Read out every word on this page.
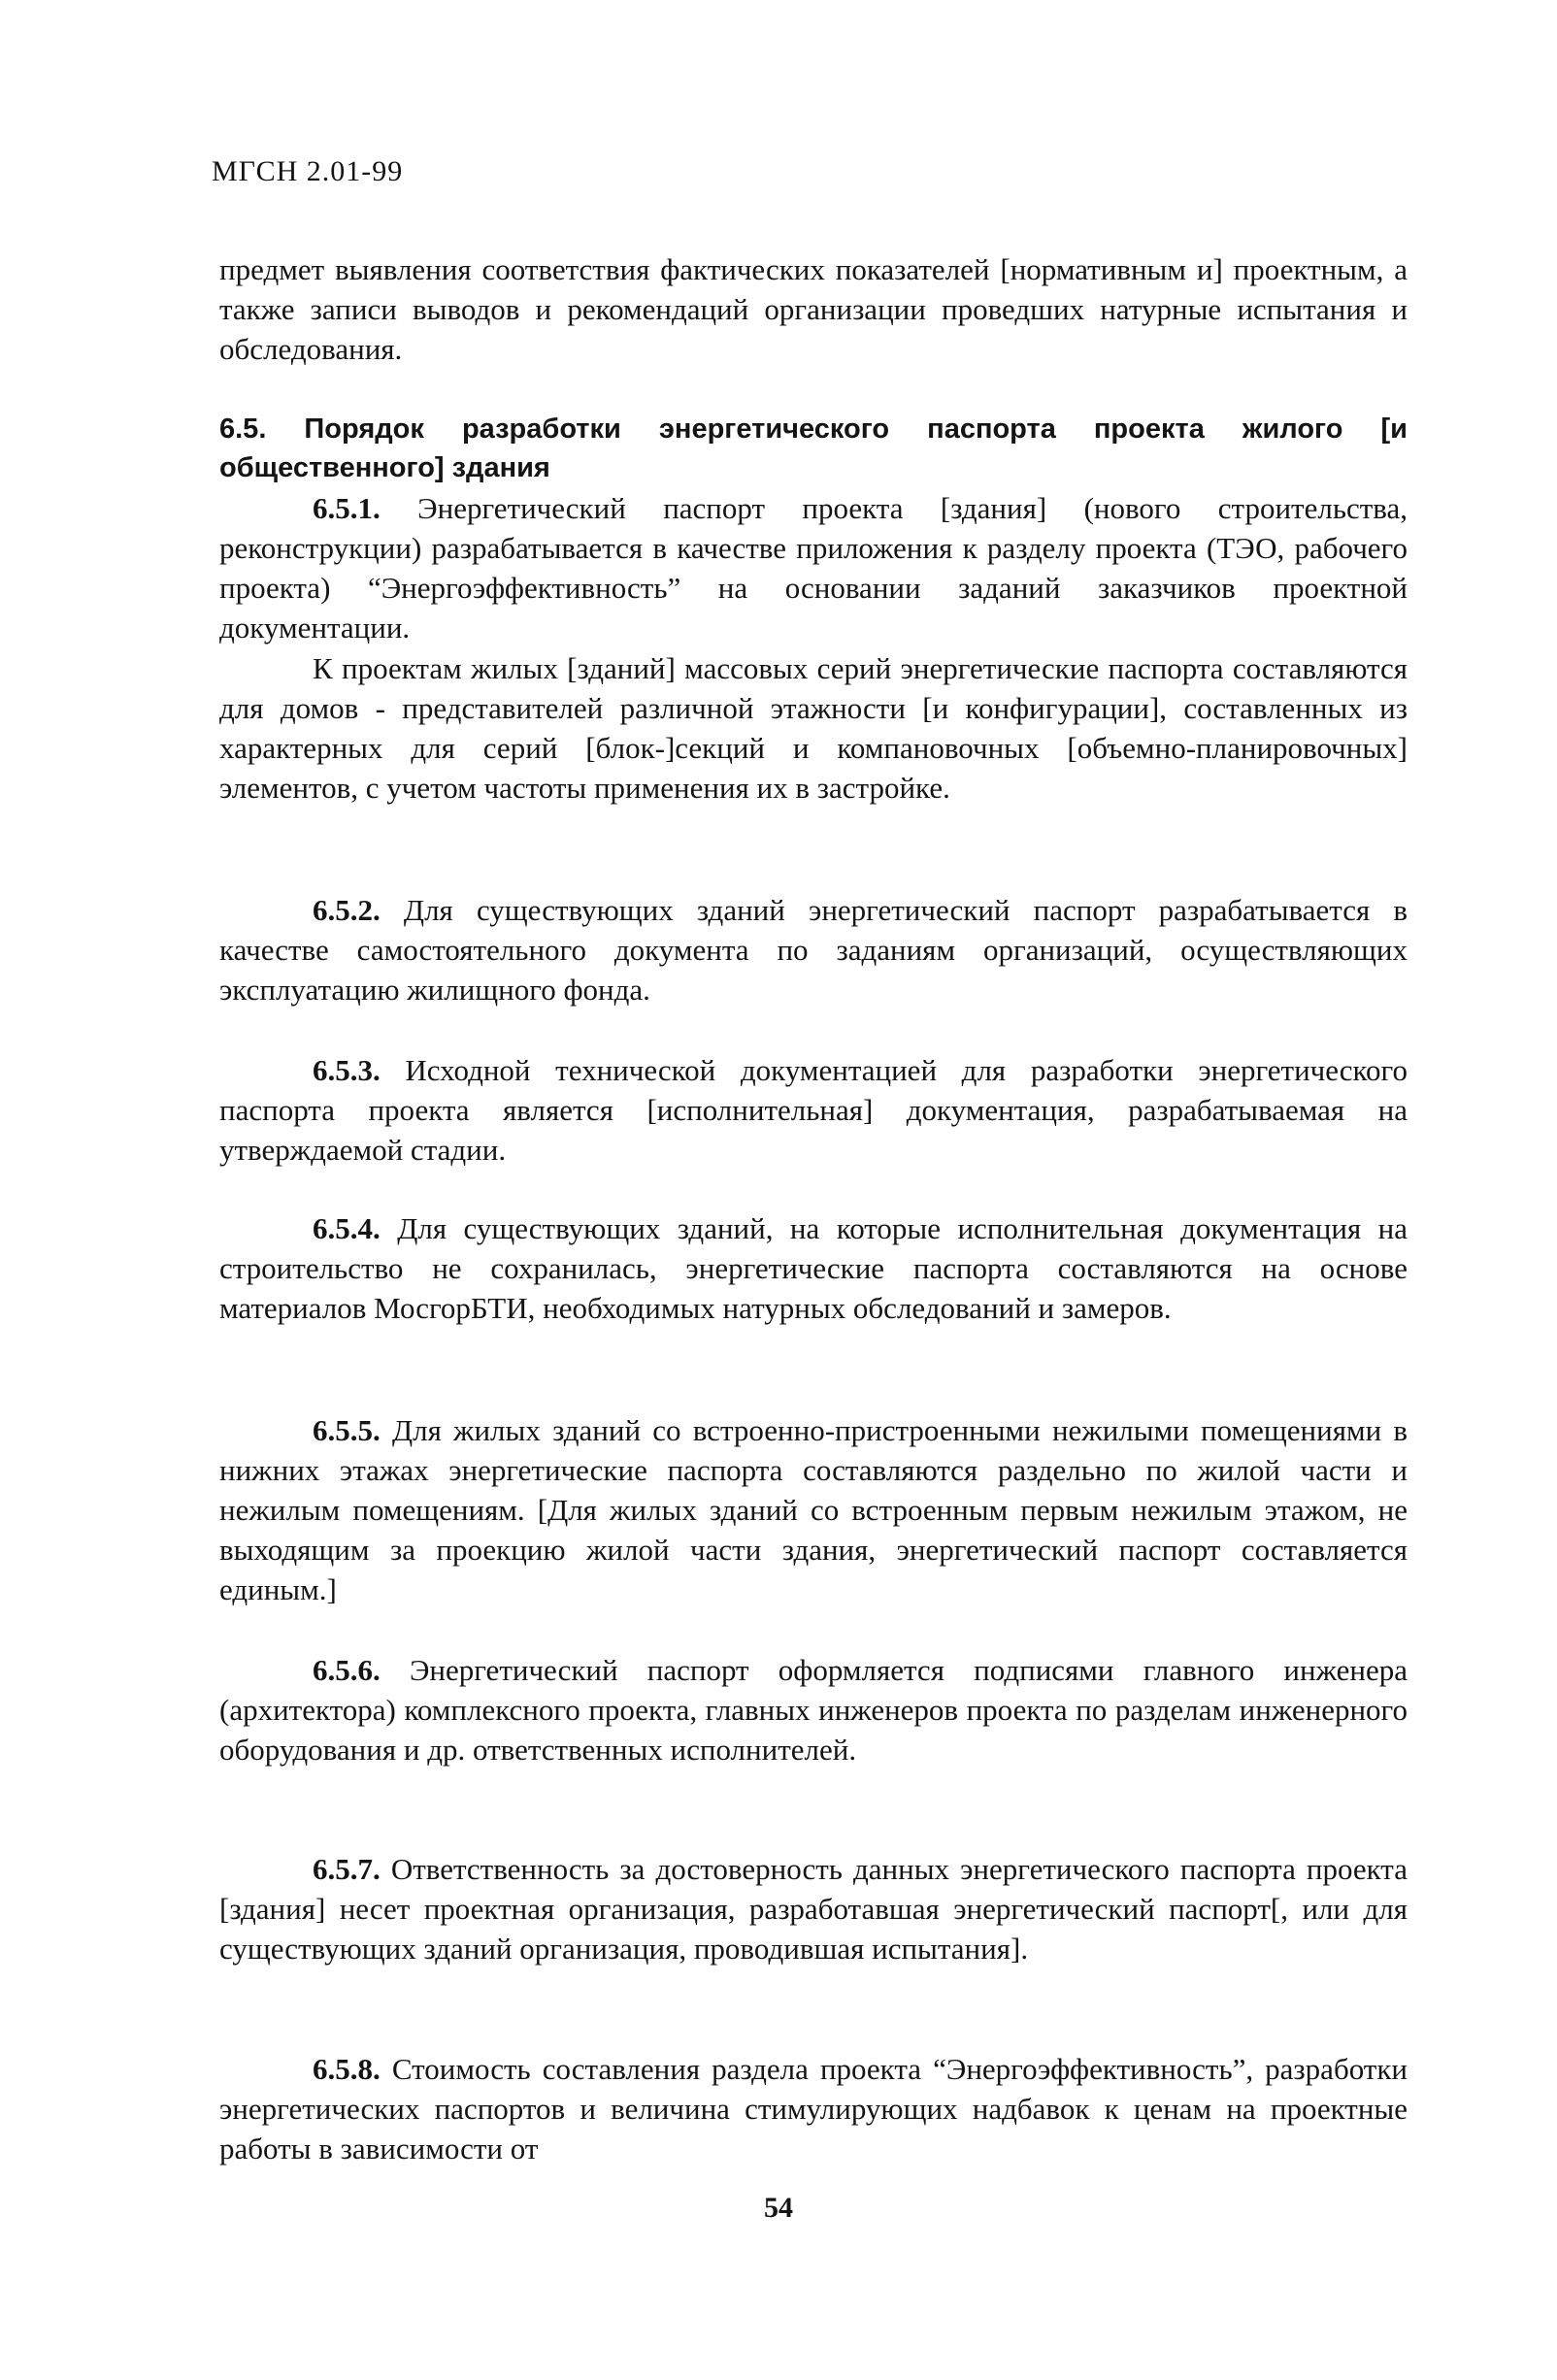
МГСН 2.01-99

предмет выявления соответствия фактических показателей [нормативным и] проектным, а также записи выводов и рекомендаций организации проведших натурные испытания и обследования.

6.5. Порядок разработки энергетического паспорта проекта жилого [и общественного] здания

6.5.1. Энергетический паспорт проекта [здания] (нового строительства, реконструкции) разрабатывается в качестве приложения к разделу проекта (ТЭО, рабочего проекта) “Энергоэффективность” на основании заданий заказчиков проектной документации.

К проектам жилых [зданий] массовых серий энергетические паспорта составляются для домов - представителей различной этажности [и конфигурации], составленных из характерных для серий [блок-]секций и компановочных [объемно-планировочных] элементов, с учетом частоты применения их в застройке.

6.5.2. Для существующих зданий энергетический паспорт разрабатывается в качестве самостоятельного документа по заданиям организаций, осуществляющих эксплуатацию жилищного фонда.

6.5.3. Исходной технической документацией для разработки энергетического паспорта проекта является [исполнительная] документация, разрабатываемая на утверждаемой стадии.

6.5.4. Для существующих зданий, на которые исполнительная документация на строительство не сохранилась, энергетические паспорта составляются на основе материалов МосгорБТИ, необходимых натурных обследований и замеров.

6.5.5. Для жилых зданий со встроенно-пристроенными нежилыми помещениями в нижних этажах энергетические паспорта составляются раздельно по жилой части и нежилым помещениям. [Для жилых зданий со встроенным первым нежилым этажом, не выходящим за проекцию жилой части здания, энергетический паспорт составляется единым.]

6.5.6. Энергетический паспорт оформляется подписями главного инженера (архитектора) комплексного проекта, главных инженеров проекта по разделам инженерного оборудования и др. ответственных исполнителей.

6.5.7. Ответственность за достоверность данных энергетического паспорта проекта [здания] несет проектная организация, разработавшая энергетический паспорт[, или для существующих зданий организация, проводившая испытания].

6.5.8. Стоимость составления раздела проекта “Энергоэффективность”, разработки энергетических паспортов и величина стимулирующих надбавок к ценам на проектные работы в зависимости от

54
